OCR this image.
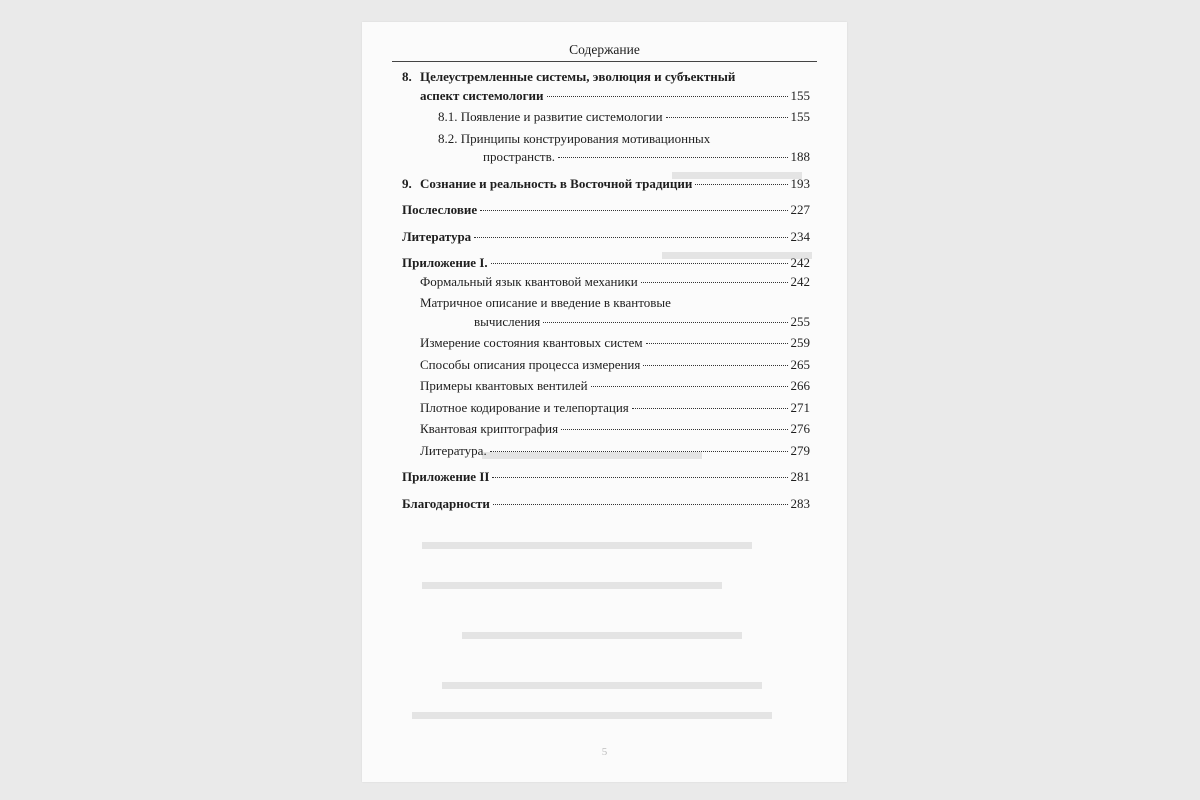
Содержание
8. Целеустремленные системы, эволюция и субъектный
аспект системологии	155
8.1. Появление и развитие системологии	155
8.2. Принципы конструирования мотивационных
пространств.	188
9. Сознание и реальность в Восточной традиции	193
Послесловие	227
Литература	234
Приложение I.	242
Формальный язык квантовой механики	242
Матричное описание и введение в квантовые
вычисления	255
Измерение состояния квантовых систем	259
Способы описания процесса измерения	265
Примеры квантовых вентилей	266
Плотное кодирование и телепортация	271
Квантовая криптография	276
Литература.	279
Приложение II	281
Благодарности	283
5
